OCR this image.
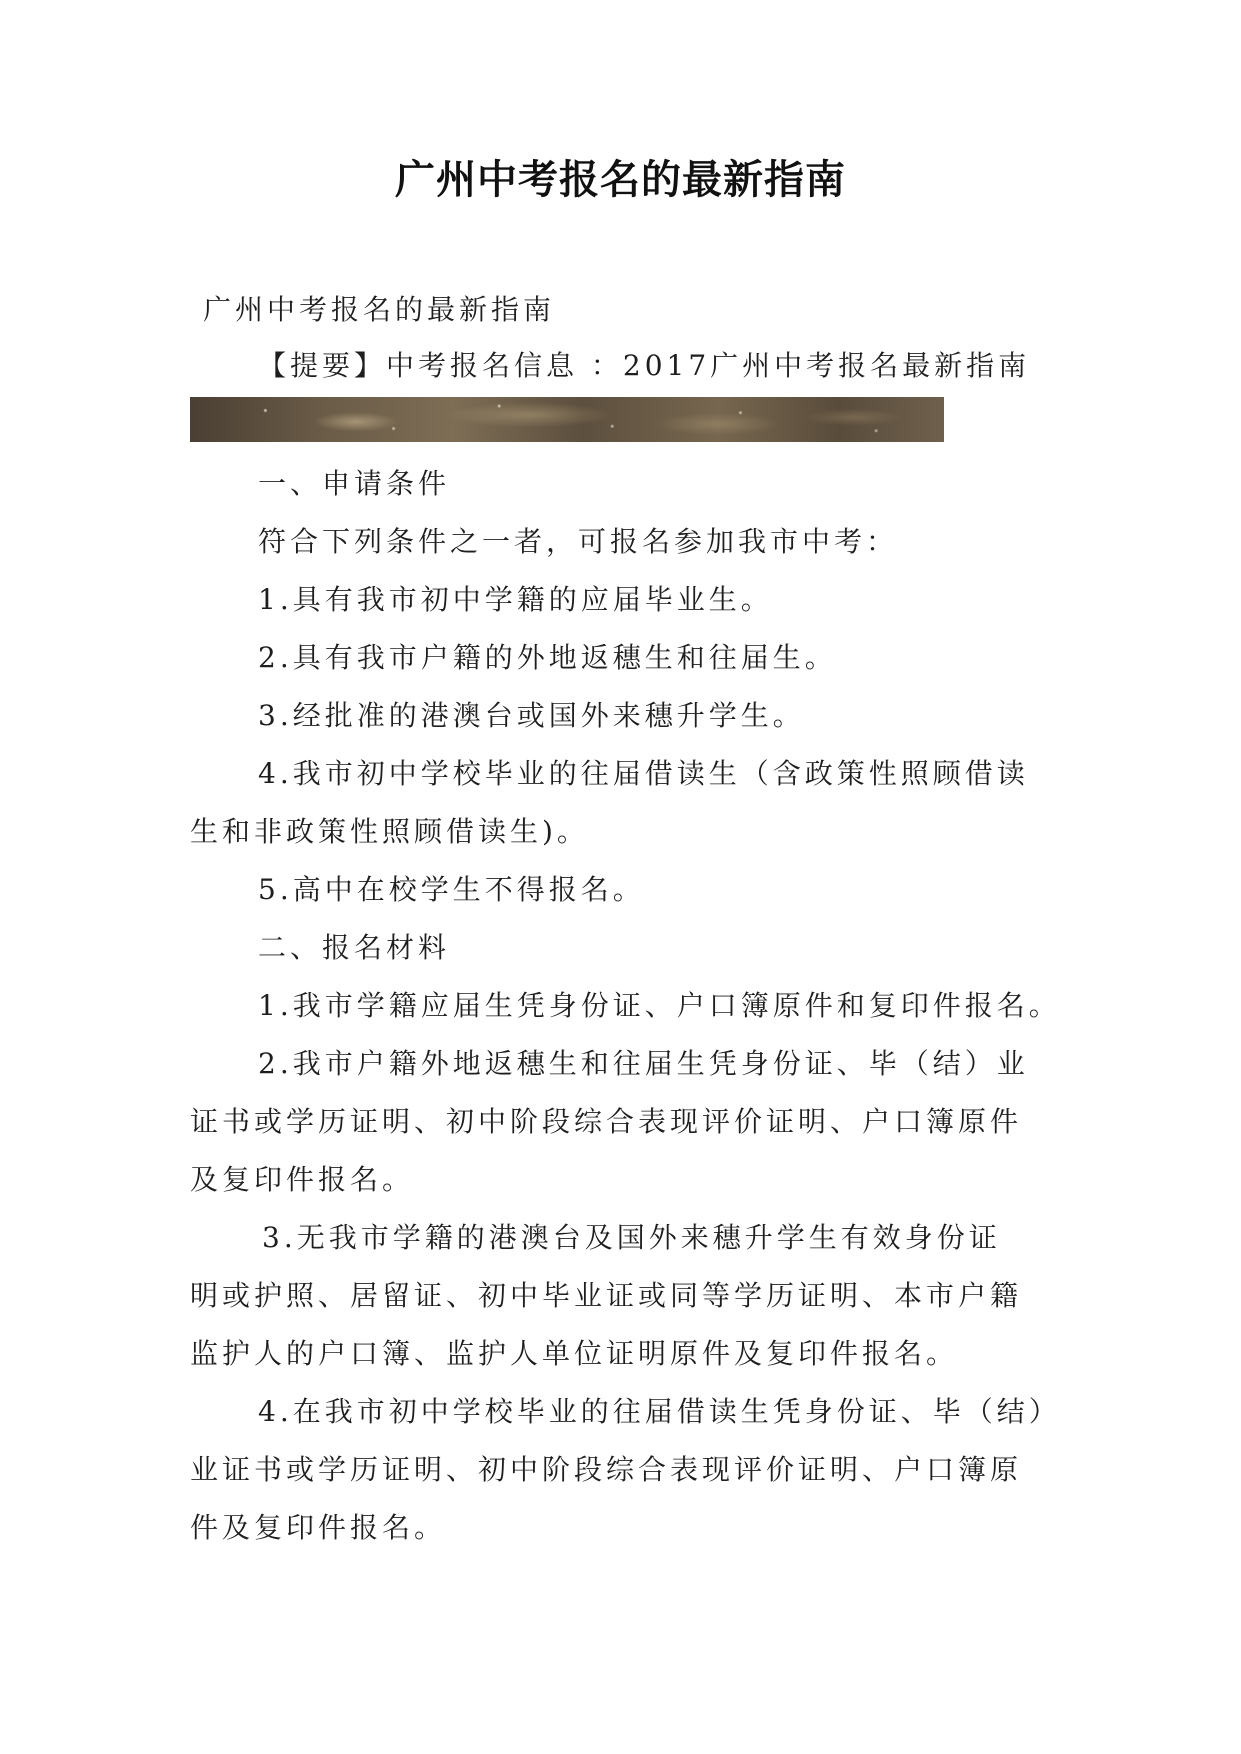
广州中考报名的最新指南
广州中考报名的最新指南
【提要】中考报名信息 ：2017广州中考报名最新指南
一、申请条件
符合下列条件之一者，可报名参加我市中考：
1.具有我市初中学籍的应届毕业生。
2.具有我市户籍的外地返穗生和往届生。
3.经批准的港澳台或国外来穗升学生。
4.我市初中学校毕业的往届借读生（含政策性照顾借读
生和非政策性照顾借读生)。
5.高中在校学生不得报名。
二、报名材料
1.我市学籍应届生凭身份证、户口簿原件和复印件报名。
2.我市户籍外地返穗生和往届生凭身份证、毕（结）业
证书或学历证明、初中阶段综合表现评价证明、户口簿原件
及复印件报名。
3.无我市学籍的港澳台及国外来穗升学生有效身份证
明或护照、居留证、初中毕业证或同等学历证明、本市户籍
监护人的户口簿、监护人单位证明原件及复印件报名。
4.在我市初中学校毕业的往届借读生凭身份证、毕（结）
业证书或学历证明、初中阶段综合表现评价证明、户口簿原
件及复印件报名。
